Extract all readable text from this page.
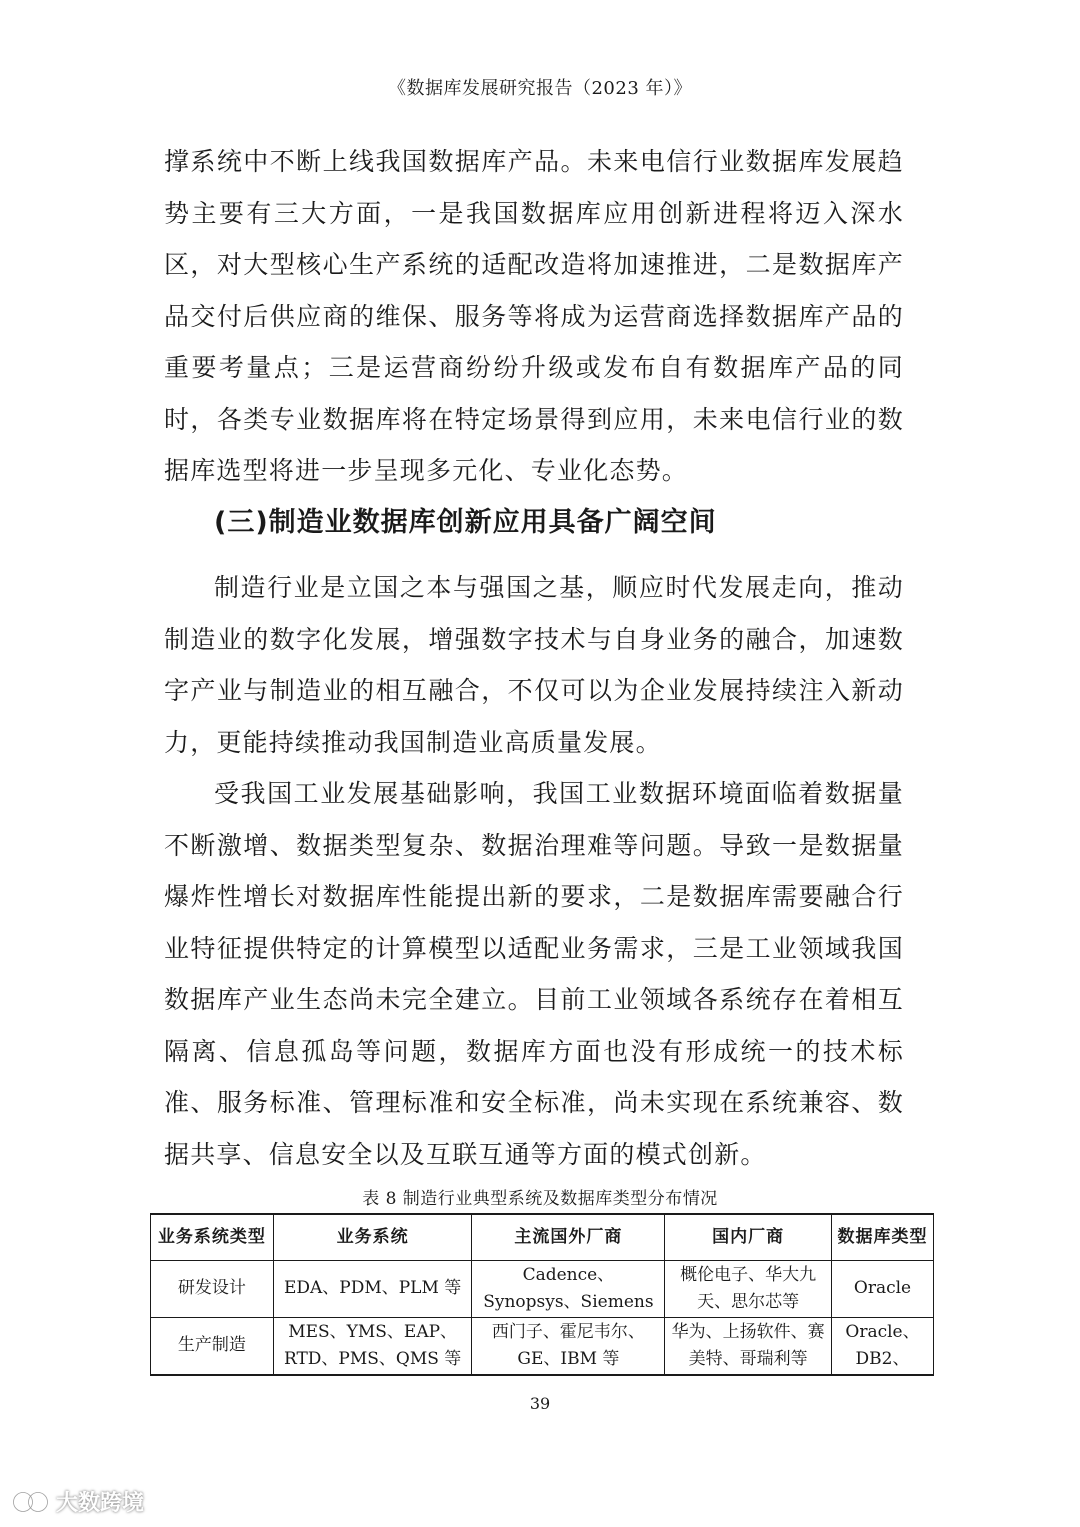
《数据库发展研究报告（2023 年）》

撑系统中不断上线我国数据库产品。未来电信行业数据库发展趋势主要有三大方面，一是我国数据库应用创新进程将迈入深水区，对大型核心生产系统的适配改造将加速推进，二是数据库产品交付后供应商的维保、服务等将成为运营商选择数据库产品的重要考量点；三是运营商纷纷升级或发布自有数据库产品的同时，各类专业数据库将在特定场景得到应用，未来电信行业的数据库选型将进一步呈现多元化、专业化态势。

(三)制造业数据库创新应用具备广阔空间

制造行业是立国之本与强国之基，顺应时代发展走向，推动制造业的数字化发展，增强数字技术与自身业务的融合，加速数字产业与制造业的相互融合，不仅可以为企业发展持续注入新动力，更能持续推动我国制造业高质量发展。

受我国工业发展基础影响，我国工业数据环境面临着数据量不断激增、数据类型复杂、数据治理难等问题。导致一是数据量爆炸性增长对数据库性能提出新的要求，二是数据库需要融合行业特征提供特定的计算模型以适配业务需求，三是工业领域我国数据库产业生态尚未完全建立。目前工业领域各系统存在着相互隔离、信息孤岛等问题，数据库方面也没有形成统一的技术标准、服务标准、管理标准和安全标准，尚未实现在系统兼容、数据共享、信息安全以及互联互通等方面的模式创新。

表 8 制造行业典型系统及数据库类型分布情况
业务系统类型	业务系统	主流国外厂商	国内厂商	数据库类型
研发设计	EDA、PDM、PLM 等	Cadence、Synopsys、Siemens	概伦电子、华大九天、思尔芯等	Oracle
生产制造	MES、YMS、EAP、RTD、PMS、QMS 等	西门子、霍尼韦尔、GE、IBM 等	华为、上扬软件、赛美特、哥瑞利等	Oracle、DB2、
39
大数跨境
